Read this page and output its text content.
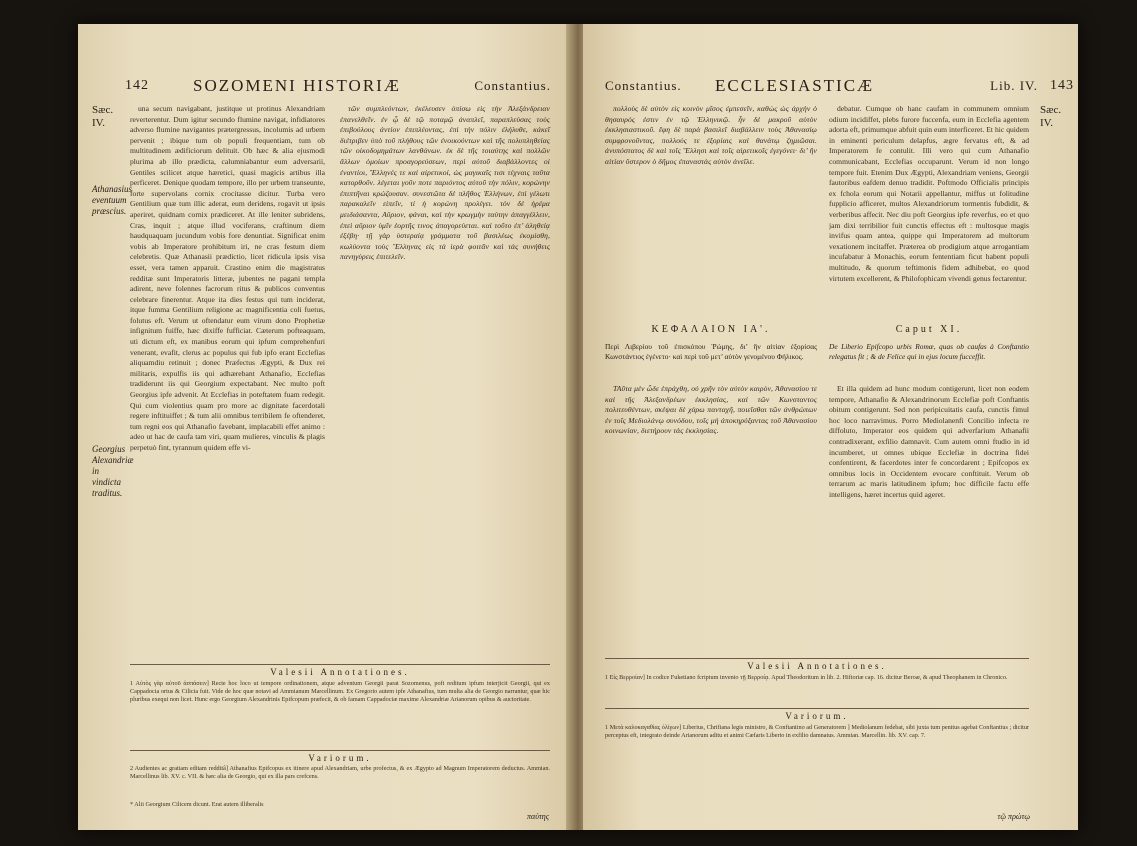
142	SOZOMENI HISTORIÆ	Constantius.
Sæc. IV.
Athanasius eventuum præscius.
Georgius Alexandriæ in vindicta traditus.

una secum navigabant, justitque ut protinus Alexandriam reverterentur. Dum igitur secundo flumine navigat, infidiatores adverso flumine navigantes prætergressus, incolumis ad urbem pervenit ; ibique tum ob populi frequentiam, tum ob multitudinem ædificiorum delituit. Ob hæc & alia ejusmodi plurima ab illo prædicta, calumniabantur eum adversarii, Gentiles scilicet atque hæretici, quasi magicis artibus illa perficeret. Denique quodam tempore, illo per urbem transeunte, forte supervolans cornix crocitasse dicitur. Turba vero Gentilium quæ tum illic aderat, eum deridens, rogavit ut ipsis aperiret, quidnam cornix prædiceret. At ille leniter subridens, Cras, inquit ; atque illud vociferans, craftinum diem haudquaquam jucundum vobis fore denuntiat. Significat enim vobis ab Imperatore prohibitum iri, ne cras festum diem celebretis. Quæ Athanasii prædictio, licet ridicula ipsis visa esset, vera tamen apparuit. Crastino enim die magistratus redditæ sunt Imperatoris litteræ, jubentes ne pagani templa adirent, neve folennes facrorum ritus & publicos conventus celebrare finerentur. Atque ita dies festus qui tum inciderat, itque fumma Gentilium religione ac magnificentia coli fuetus, folutus eft. Verum ut oftendatur eum virum dono Prophetiæ infignitum fuiffe, hæc dixiffe fufficiat. Cæterum pofteaquam, uti dictum eft, ex manibus eorum qui ipfum comprehenfuri venerant, evafit, clerus ac populus qui fub ipfo erant Ecclefias aliquamdiu retinuit ; donec Præfectus Ægypti, & Dux rei militaris, expulfis iis qui adhærebant Athanafio, Ecclefias tradiderunt iis qui Georgium expectabant. Nec multo poft Georgius ipfe advenit. At Ecclefias in poteftatem fuam redegit. Qui cum violentius quam pro more ac dignitate facerdotali regere inftituiffet ; & tum alii omnibus terribilem fe oftenderet, tum regni eos qui Athanafio favebant, implacabili effet animo : adeo ut hac de caufa tam viri, quam mulieres, vinculis & plagis perpetuò fint, tyrannum quidem effe vi-

τῶν συμπλεόντων, ἐκέλευσεν ὀπίσω εἰς τὴν Ἀλεξάνδρειαν ἐπανελθεῖν. ἐν ᾧ δὲ τῷ ποταμῷ ἀναπλεῖ, παραπλεύσας τοὺς ἐπιβούλους ἀντίον ἐπιπλέοντας, ἐπὶ τὴν πόλιν ἐλήλυθε, κἀκεῖ διέτριβεν ὑπὸ τοῦ πλήθους τῶν ἐνοικούντων καὶ τῆς πολυπληθείας τῶν οἰκοδομημάτων λανθάνων. ἐκ δὲ τῆς τοιαύτης καὶ πολλῶν ἄλλων ὁμοίων προαγορεύσεων, περὶ αὐτοῦ διαβάλλοντες οἱ ἐναντίοι, Ἕλληνές τε καὶ αἱρετικοί, ὡς μαγικαῖς τισι τέχναις ταῦτα κατορθοῦν. λέγεται γοῦν ποτε παριόντος αὐτοῦ τὴν πόλιν, κορώνην ἐπιπτῆναι κρώζουσαν. συνεστῶτα δὲ πλῆθος Ἑλλήνων, ἐπὶ γέλωτι παρακαλεῖν εἰπεῖν, τί ἡ κορώνη προλέγει. τὸν δὲ ἠρέμα μειδιάσαντα, Αὔριον, φάναι, καὶ τὴν κρωγμὴν ταύτην ἀπαγγέλλειν, ἐπεὶ αὔριον ὑμῖν ἑορτῆς τινος ἀπαγορεύεται. καὶ τοῦτο ἐπ’ ἀληθείᾳ ἐξέβη· τῇ γὰρ ὑστεραίᾳ γράμματα τοῦ βασιλέως ἐκομίσθη, κωλύοντα τοὺς Ἕλληνας εἰς τὰ ἱερὰ φοιτᾶν καὶ τὰς συνήθεις πανηγύρεις ἐπιτελεῖν.

Valesii Annotationes.
1 Αὐτὸς γὰρ αὐτοῦ ἀσπάσειν] Recte hoc loco ut tempore ordinationem, atque adventum Georgii parat Sozomenus, poft reditum ipfum interjicit Georgii, qui ex Cappadocia ortus & Cilicia fuit. Vide de hoc quæ notavi ad Ammianum Marcellinum. Ex Gregorio autem ipfe Athanafius, tum multa alia de Georgio narrantur, quæ hic pluribus exequi non licet. Hunc ergo Georgium Alexandrinis Epifcopum præfecit, & ob famam Cappadociæ maxime Alexandriæ Arianorum opibus & auctoritate.
Variorum.
2 Audientes ac gratiam editam redditâ] Athanafius Epifcopus ex itinere apud Alexandriam, urbe profectus, & ex Ægypto ad Magnum Imperatorem deductus. Ammian. Marcellinus lib. XV. c. VII. & hæc alia de Georgio, qui ex illa pars crefcens.
* Alii Georgium Cilicem dicunt. Erat autem illiberalis
παύτης
Constantius. ECCLESIASTICÆ	Lib. IV. 143
Sæc. IV.

πολλοὺς δὲ αὐτὸν εἰς κοινὸν μῖσος ἐμπεσεῖν, καθὼς ὡς ἀρχὴν ὁ θησαυρὸς ἐστιν ἐν τῷ Ἑλληνικῷ. ἦν δὲ μακροῦ αὐτὸν ἐκκλησιαστικοῦ. ἔφη δὲ παρὰ βασιλεῖ διαβάλλειν τοὺς Ἀθανασίῳ συμφρονοῦντας, πολλοὺς τε ἐξορίαις καὶ θανάτῳ ζημιῶσαι. ἀνυπόστατος δὲ καὶ τοῖς Ἕλλησι καὶ τοῖς αἱρετικοῖς ἐγεγόνει· δι’ ἣν αἰτίαν ὕστερον ὁ δῆμος ἐπαναστὰς αὐτὸν ἀνεῖλε.

debatur. Cumque ob hanc caufam in communem omnium odium incidiffet, plebs furore fuccenfa, eum in Ecclefia agentem adorta eft, primumque abfuit quin eum interficeret. Et hic quidem in eminenti periculum delapfus, ægre fervatus eft, & ad Imperatorem fe contulit. Illi vero qui cum Athanafio communicabant, Ecclefias occuparunt. Verum id non longo tempore fuit. Etenim Dux Ægypti, Alexandriam veniens, Georgii fautoribus eafdem denuo tradidit. Poftmodo Officialis principis ex fchola eorum qui Notarii appellantur, miffus ut folitudine fupplicio afficeret, multos Alexandriorum tormentis fubdidit, & verberibus affecit. Nec diu poft Georgius ipfe reverfus, eo et quo jam dixi terribilior fuit cunctis effectus eft : multosque magis invifus quam antea, quippe qui Imperatorem ad multorum vexationem incitaffet. Præterea ob prodigium atque arrogantiam incufabatur à Monachis, eorum fententiam ficut habent populi multitudo, & quorum teftimonis fidem adhibebat, eo quod virtutem excellerent, & Philofophicam vivendi genus fectarentur.

ΚΕΦΑΛΑΙΟΝ ΙΑ'.	Caput XI.
Περὶ Λιβερίου τοῦ ἐπισκόπου Ῥώμης, δι’ ἣν αἰτίαν ἐξορίσας Κωνστάντιος ἐγένετο· καὶ περὶ τοῦ μετ’ αὐτὸν γενομένου Φήλικος.
De Liberio Epifcopo urbis Romæ, quas ob caufas à Conftantio relegatus fit ; & de Felice qui in ejus locum fucceffit.

ΤΑῦτα μὲν ὧδε ἐπράχθη, οὐ χρῆν τὸν αὐτὸν καιρὸν, Ἀθανασίου τε καὶ τῆς Ἀλεξανδρέων ἐκκλησίας, καὶ τῶν Κωνσταντος πολιτευθέντων, σκέψαι δὲ χάρω πανταχῆ, ποιεῖσθαι τῶν ἀνθρώπων ἐν τοῖς Μεδιολάνῳ συνόδου, τοῖς μὴ ἀποκηρύξαντας τοῦ Ἀθανασίου κοινωνίαν, διετήρουν τὰς ἐκκλησίας.

Et illa quidem ad hunc modum contigerunt, licet non eodem tempore, Athanafio & Alexandrinorum Ecclefiæ poft Conftantis obitum contigerunt. Sed non peripicuitatis caufa, cunctis fimul hoc loco narravimus. Porro Mediolanenfi Concilio infecta re diffoluto, Imperator eos quidem qui adverfarium Athanafii contradixerant, exfilio damnavit. Cum autem omni ftudio in id incumberet, ut omnes ubique Ecclefiæ in doctrina fidei confentirent, & facerdotes inter fe concordarent ; Epifcopos ex omnibus locis in Occidentem evocare conftituit. Verum ob terrarum ac maris latitudinem ipfum; hoc difficile factu effe intelligens, hæret incertus quid ageret.

Valesii Annotationes.
1 Εἰς Βερροίαν] In codice Fuketiano fcriptum invenio τῇ Βερροίᾳ. Apud Theodoritum in lib. 2. Hiftoriæ cap. 16. dicitur Beroæ, & apud Theophanem in Chronico.
Variorum.
1 Μετὰ καλοκαγαθίας ὀλίγων] Liberius, Chrifiana legis ministro, & Conftantino ad Generatorem ] Mediolanum fedebat, sibi juxta tum penitus agebat Conftantius ; dicitur perceptus eft, integrato deinde Arianorum aditu et animi Cæfaris Liberio in exfilio damnatus. Ammian. Marcellin. lib. XV. cap. 7.
τῷ πρώτῳ
